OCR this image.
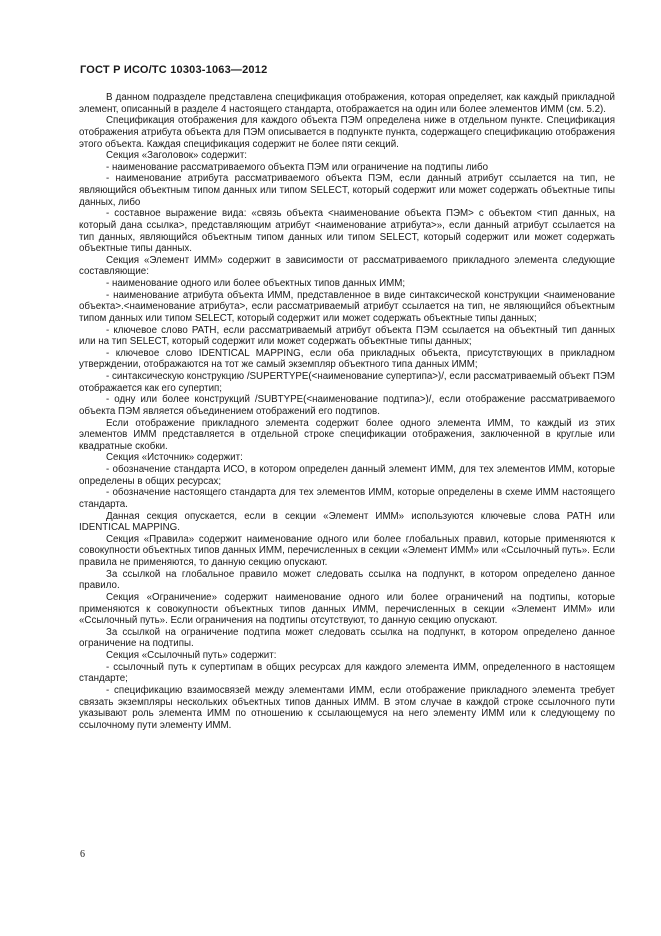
ГОСТ Р ИСО/ТС 10303-1063—2012

В данном подразделе представлена спецификация отображения, которая определяет, как каждый прикладной элемент, описанный в разделе 4 настоящего стандарта, отображается на один или более элементов ИММ (см. 5.2).

Спецификация отображения для каждого объекта ПЭМ определена ниже в отдельном пункте. Спецификация отображения атрибута объекта для ПЭМ описывается в подпункте пункта, содержащего спецификацию отображения этого объекта. Каждая спецификация содержит не более пяти секций.

Секция «Заголовок» содержит:

- наименование рассматриваемого объекта ПЭМ или ограничение на подтипы либо

- наименование атрибута рассматриваемого объекта ПЭМ, если данный атрибут ссылается на тип, не являющийся объектным типом данных или типом SELECT, который содержит или может содержать объектные типы данных, либо

- составное выражение вида: «связь объекта <наименование объекта ПЭМ> с объектом <тип данных, на который дана ссылка>, представляющим атрибут <наименование атрибута>», если данный атрибут ссылается на тип данных, являющийся объектным типом данных или типом SELECT, который содержит или может содержать объектные типы данных.

Секция «Элемент ИММ» содержит в зависимости от рассматриваемого прикладного элемента следующие составляющие:

- наименование одного или более объектных типов данных ИММ;

- наименование атрибута объекта ИММ, представленное в виде синтаксической конструкции <наименование объекта>.<наименование атрибута>, если рассматриваемый атрибут ссылается на тип, не являющийся объектным типом данных или типом SELECT, который содержит или может содержать объектные типы данных;

- ключевое слово PATH, если рассматриваемый атрибут объекта ПЭМ ссылается на объектный тип данных или на тип SELECT, который содержит или может содержать объектные типы данных;

- ключевое слово IDENTICAL MAPPING, если оба прикладных объекта, присутствующих в прикладном утверждении, отображаются на тот же самый экземпляр объектного типа данных ИММ;

- синтаксическую конструкцию /SUPERTYPE(<наименование супертипа>)/, если рассматриваемый объект ПЭМ отображается как его супертип;

- одну или более конструкций /SUBTYPE(<наименование подтипа>)/, если отображение рассматриваемого объекта ПЭМ является объединением отображений его подтипов.

Если отображение прикладного элемента содержит более одного элемента ИММ, то каждый из этих элементов ИММ представляется в отдельной строке спецификации отображения, заключенной в круглые или квадратные скобки.

Секция «Источник» содержит:

- обозначение стандарта ИСО, в котором определен данный элемент ИММ, для тех элементов ИММ, которые определены в общих ресурсах;

- обозначение настоящего стандарта для тех элементов ИММ, которые определены в схеме ИММ настоящего стандарта.

Данная секция опускается, если в секции «Элемент ИММ» используются ключевые слова PATH или IDENTICAL MAPPING.

Секция «Правила» содержит наименование одного или более глобальных правил, которые применяются к совокупности объектных типов данных ИММ, перечисленных в секции «Элемент ИММ» или «Ссылочный путь». Если правила не применяются, то данную секцию опускают.

За ссылкой на глобальное правило может следовать ссылка на подпункт, в котором определено данное правило.

Секция «Ограничение» содержит наименование одного или более ограничений на подтипы, которые применяются к совокупности объектных типов данных ИММ, перечисленных в секции «Элемент ИММ» или «Ссылочный путь». Если ограничения на подтипы отсутствуют, то данную секцию опускают.

За ссылкой на ограничение подтипа может следовать ссылка на подпункт, в котором определено данное ограничение на подтипы.

Секция «Ссылочный путь» содержит:

- ссылочный путь к супертипам в общих ресурсах для каждого элемента ИММ, определенного в настоящем стандарте;

- спецификацию взаимосвязей между элементами ИММ, если отображение прикладного элемента требует связать экземпляры нескольких объектных типов данных ИММ. В этом случае в каждой строке ссылочного пути указывают роль элемента ИММ по отношению к ссылающемуся на него элементу ИММ или к следующему по ссылочному пути элементу ИММ.

6
